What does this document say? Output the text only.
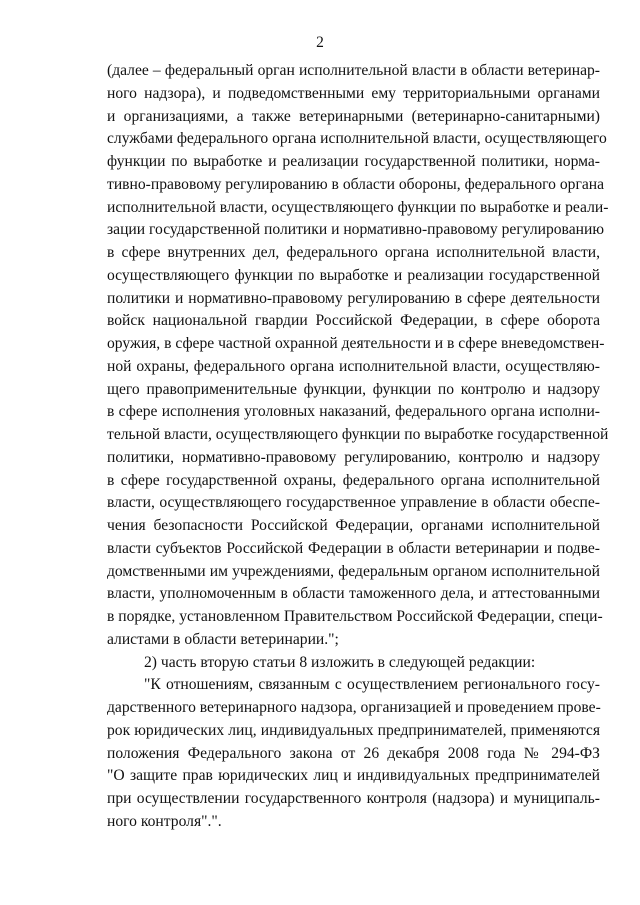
2
(далее – федеральный орган исполнительной власти в области ветеринар-
ного надзора), и подведомственными ему территориальными органами
и организациями, а также ветеринарными (ветеринарно-санитарными)
службами федерального органа исполнительной власти, осуществляющего
функции по выработке и реализации государственной политики, норма-
тивно-правовому регулированию в области обороны, федерального органа
исполнительной власти, осуществляющего функции по выработке и реали-
зации государственной политики и нормативно-правовому регулированию
в сфере внутренних дел, федерального органа исполнительной власти,
осуществляющего функции по выработке и реализации государственной
политики и нормативно-правовому регулированию в сфере деятельности
войск национальной гвардии Российской Федерации, в сфере оборота
оружия, в сфере частной охранной деятельности и в сфере вневедомствен-
ной охраны, федерального органа исполнительной власти, осуществляю-
щего правоприменительные функции, функции по контролю и надзору
в сфере исполнения уголовных наказаний, федерального органа исполни-
тельной власти, осуществляющего функции по выработке государственной
политики, нормативно-правовому регулированию, контролю и надзору
в сфере государственной охраны, федерального органа исполнительной
власти, осуществляющего государственное управление в области обеспе-
чения безопасности Российской Федерации, органами исполнительной
власти субъектов Российской Федерации в области ветеринарии и подве-
домственными им учреждениями, федеральным органом исполнительной
власти, уполномоченным в области таможенного дела, и аттестованными
в порядке, установленном Правительством Российской Федерации, специ-
алистами в области ветеринарии.";
2) часть вторую статьи 8 изложить в следующей редакции:
"К отношениям, связанным с осуществлением регионального госу-
дарственного ветеринарного надзора, организацией и проведением прове-
рок юридических лиц, индивидуальных предпринимателей, применяются
положения Федерального закона от 26 декабря 2008 года № 294-ФЗ
"О защите прав юридических лиц и индивидуальных предпринимателей
при осуществлении государственного контроля (надзора) и муниципаль-
ного контроля".".
